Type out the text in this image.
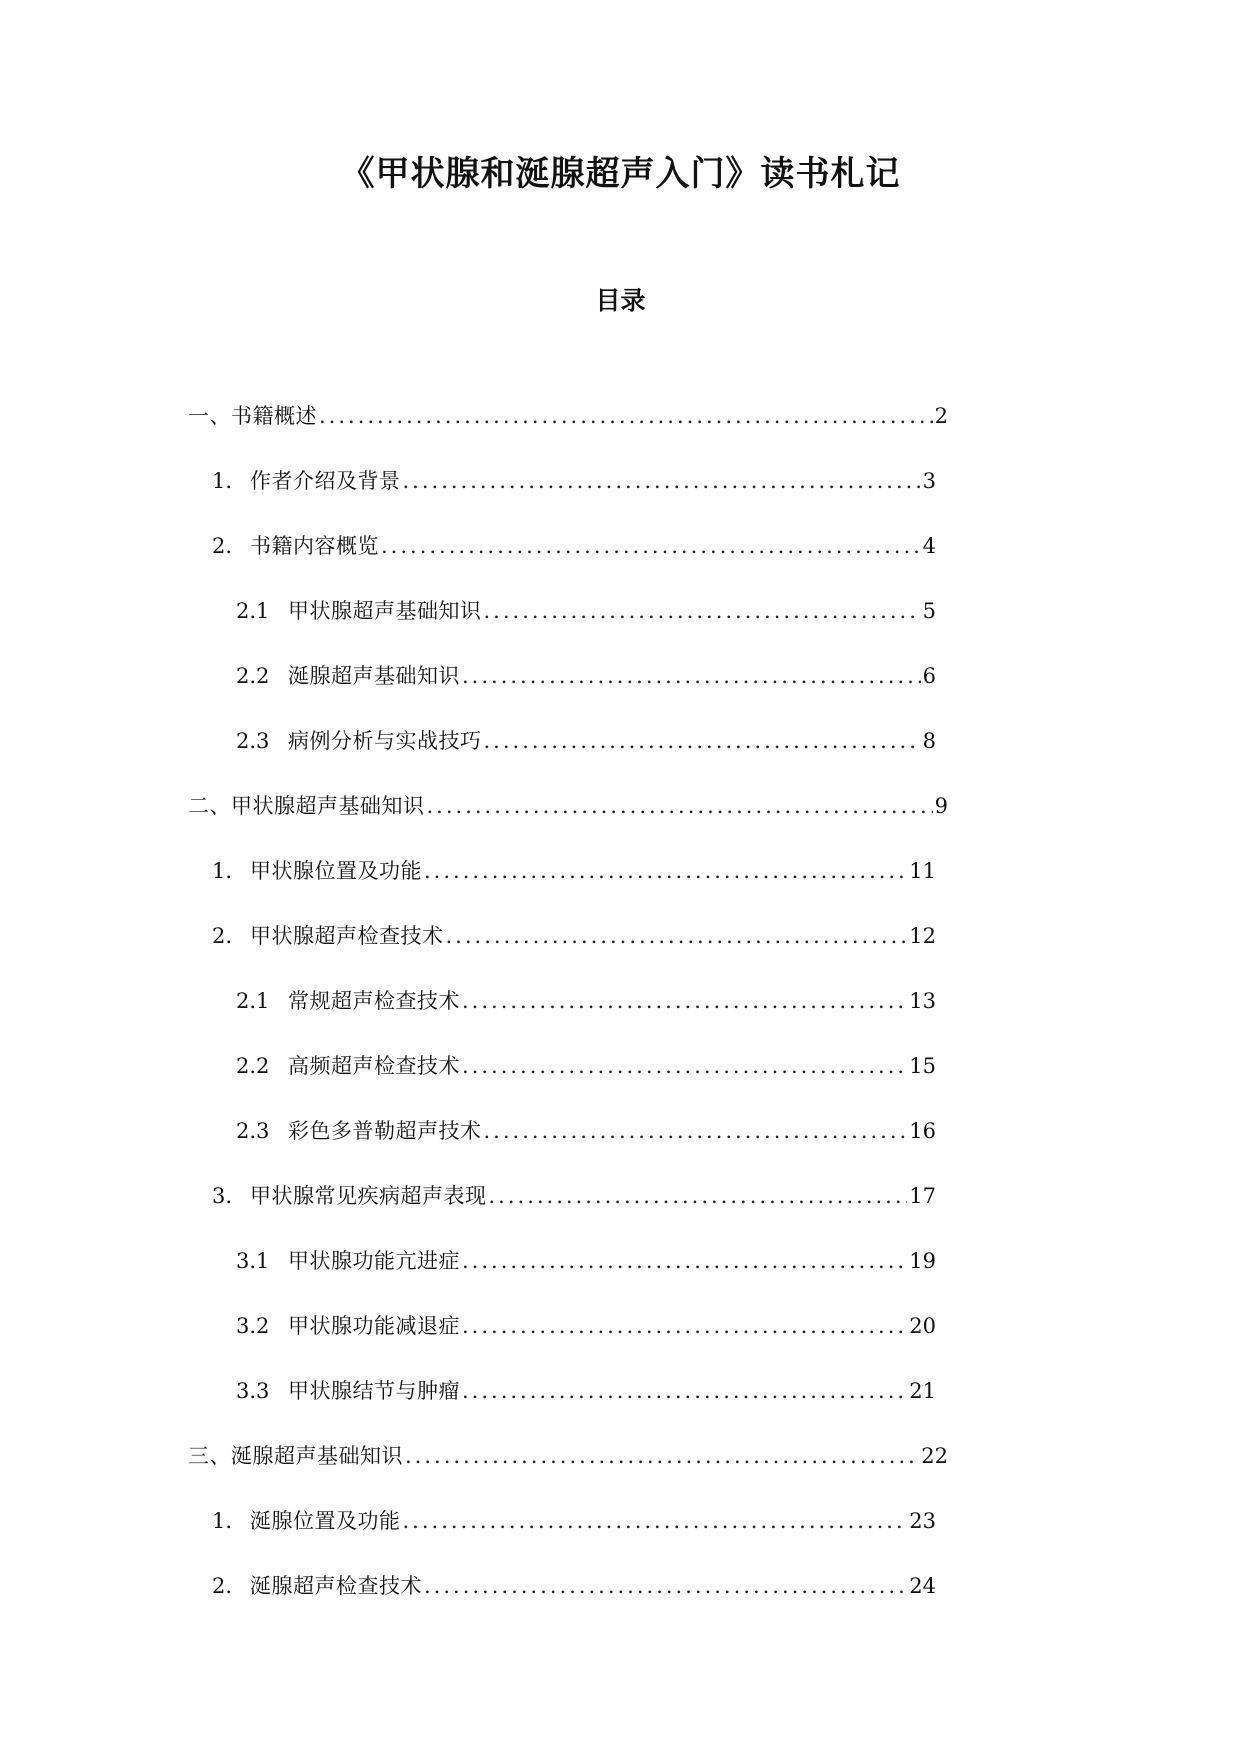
《甲状腺和涎腺超声入门》读书札记
目录
一、书籍概述 .....	2
1. 作者介绍及背景 .....	3
2. 书籍内容概览 .....	4
2.1 甲状腺超声基础知识 .....	5
2.2 涎腺超声基础知识 .....	6
2.3 病例分析与实战技巧 .....	8
二、甲状腺超声基础知识 .....	9
1. 甲状腺位置及功能 .....	11
2. 甲状腺超声检查技术 .....	12
2.1 常规超声检查技术 .....	13
2.2 高频超声检查技术 .....	15
2.3 彩色多普勒超声技术 .....	16
3. 甲状腺常见疾病超声表现 .....	17
3.1 甲状腺功能亢进症 .....	19
3.2 甲状腺功能减退症 .....	20
3.3 甲状腺结节与肿瘤 .....	21
三、涎腺超声基础知识 .....	22
1. 涎腺位置及功能 .....	23
2. 涎腺超声检查技术 .....	24
